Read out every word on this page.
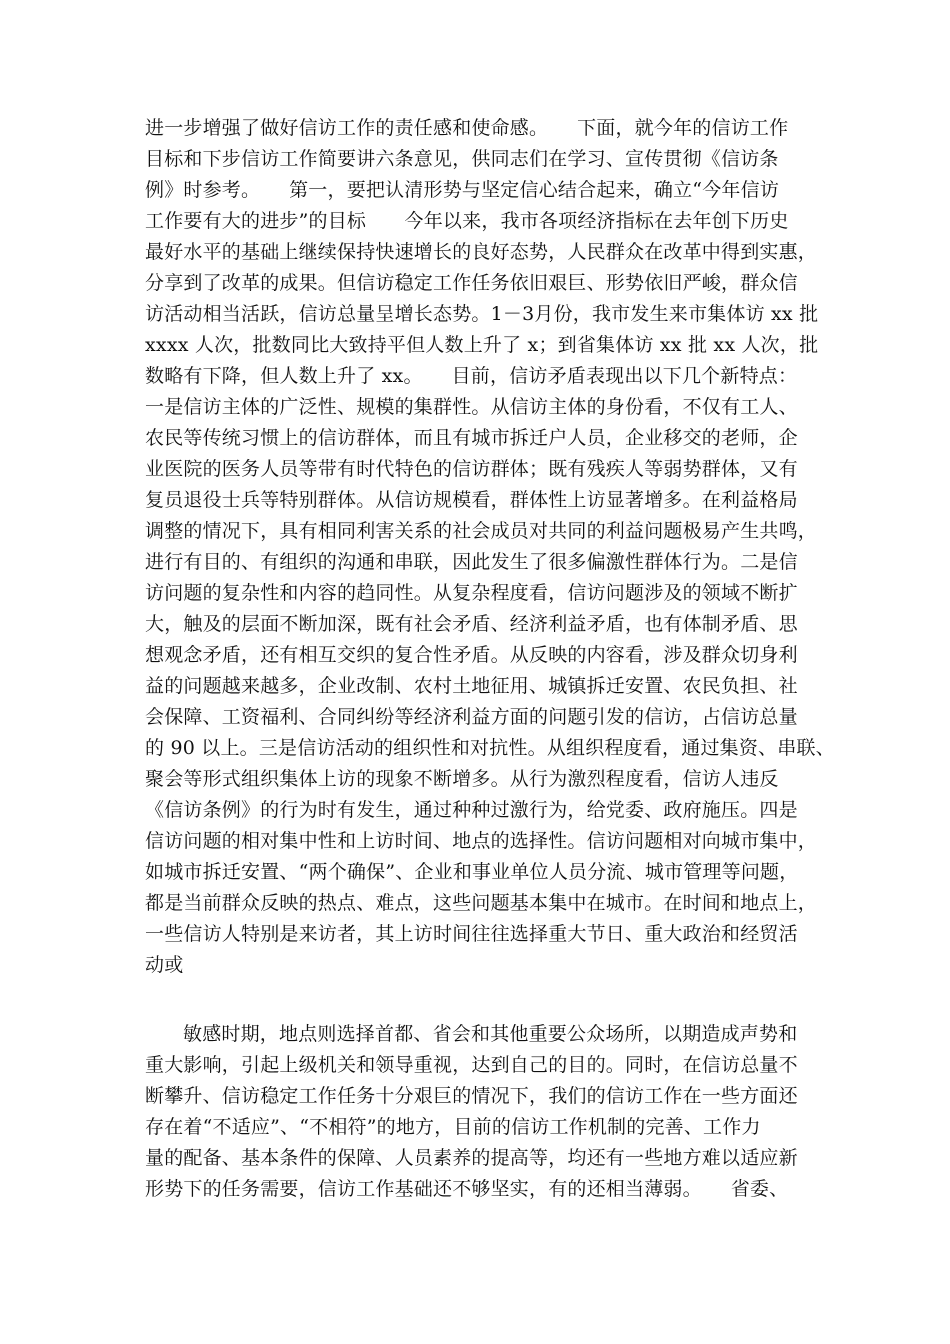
进一步增强了做好信访工作的责任感和使命感。　　下面，就今年的信访工作
目标和下步信访工作简要讲六条意见，供同志们在学习、宣传贯彻《信访条
例》时参考。　　第一，要把认清形势与坚定信心结合起来，确立“今年信访
工作要有大的进步”的目标　　今年以来，我市各项经济指标在去年创下历史
最好水平的基础上继续保持快速增长的良好态势，人民群众在改革中得到实惠，
分享到了改革的成果。但信访稳定工作任务依旧艰巨、形势依旧严峻，群众信
访活动相当活跃，信访总量呈增长态势。1－3月份，我市发生来市集体访 xx 批
xxxx 人次，批数同比大致持平但人数上升了 x；到省集体访 xx 批 xx 人次，批
数略有下降，但人数上升了 xx。　　目前，信访矛盾表现出以下几个新特点：
一是信访主体的广泛性、规模的集群性。从信访主体的身份看，不仅有工人、
农民等传统习惯上的信访群体，而且有城市拆迁户人员，企业移交的老师，企
业医院的医务人员等带有时代特色的信访群体；既有残疾人等弱势群体，又有
复员退役士兵等特别群体。从信访规模看，群体性上访显著增多。在利益格局
调整的情况下，具有相同利害关系的社会成员对共同的利益问题极易产生共鸣，
进行有目的、有组织的沟通和串联，因此发生了很多偏激性群体行为。二是信
访问题的复杂性和内容的趋同性。从复杂程度看，信访问题涉及的领域不断扩
大，触及的层面不断加深，既有社会矛盾、经济利益矛盾，也有体制矛盾、思
想观念矛盾，还有相互交织的复合性矛盾。从反映的内容看，涉及群众切身利
益的问题越来越多，企业改制、农村土地征用、城镇拆迁安置、农民负担、社
会保障、工资福利、合同纠纷等经济利益方面的问题引发的信访，占信访总量
的 90 以上。三是信访活动的组织性和对抗性。从组织程度看，通过集资、串联、
聚会等形式组织集体上访的现象不断增多。从行为激烈程度看，信访人违反
《信访条例》的行为时有发生，通过种种过激行为，给党委、政府施压。四是
信访问题的相对集中性和上访时间、地点的选择性。信访问题相对向城市集中，
如城市拆迁安置、“两个确保”、企业和事业单位人员分流、城市管理等问题，
都是当前群众反映的热点、难点，这些问题基本集中在城市。在时间和地点上，
一些信访人特别是来访者，其上访时间往往选择重大节日、重大政治和经贸活
动或
敏感时期，地点则选择首都、省会和其他重要公众场所，以期造成声势和
重大影响，引起上级机关和领导重视，达到自己的目的。同时，在信访总量不
断攀升、信访稳定工作任务十分艰巨的情况下，我们的信访工作在一些方面还
存在着“不适应”、“不相符”的地方，目前的信访工作机制的完善、工作力
量的配备、基本条件的保障、人员素养的提高等，均还有一些地方难以适应新
形势下的任务需要，信访工作基础还不够坚实，有的还相当薄弱。　　省委、
